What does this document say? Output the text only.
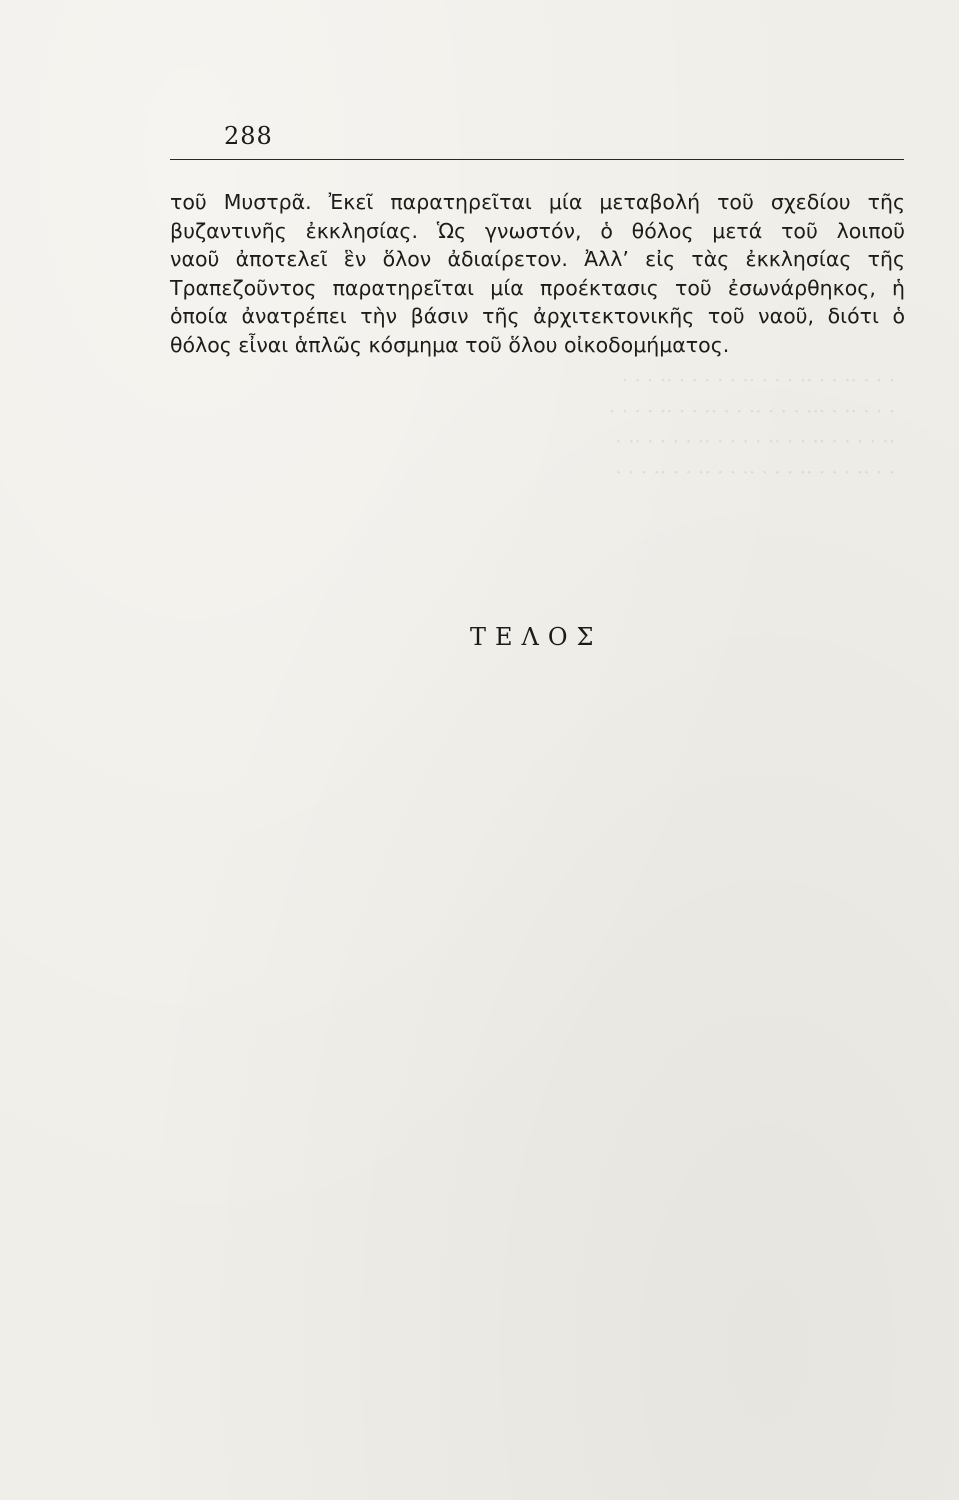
· · · ·· · · ·· · · · ·· · · · · · ·· · · ·
· · · ·· · ··· · · · ·· · · ·· · · ·· · · · ·
·· · · · · ·· · · ·· · · · · ·· · · · · ·· ·
· · ·· · · · ·· · · · ·· · · ·· · · ·· · · ·
288
τοῦ Μυστρᾶ. Ἐκεῖ παρατηρεῖται μία μεταβολή τοῦ σχεδίου τῆς
βυζαντινῆς ἐκκλησίας. Ὡς γνωστόν, ὁ θόλος μετά τοῦ λοιποῦ
ναοῦ ἀποτελεῖ ἓν ὅλον ἀδιαίρετον. Ἀλλ’ εἰς τὰς ἐκκλησίας τῆς
Τραπεζοῦντος παρατηρεῖται μία προέκτασις τοῦ ἐσωνάρθηκος, ἡ
ὁποία ἀνατρέπει τὴν βάσιν τῆς ἀρχιτεκτονικῆς τοῦ ναοῦ, διότι ὁ
θόλος εἶναι ἁπλῶς κόσμημα τοῦ ὅλου οἰκοδομήματος.
ΤΕΛΟΣ
